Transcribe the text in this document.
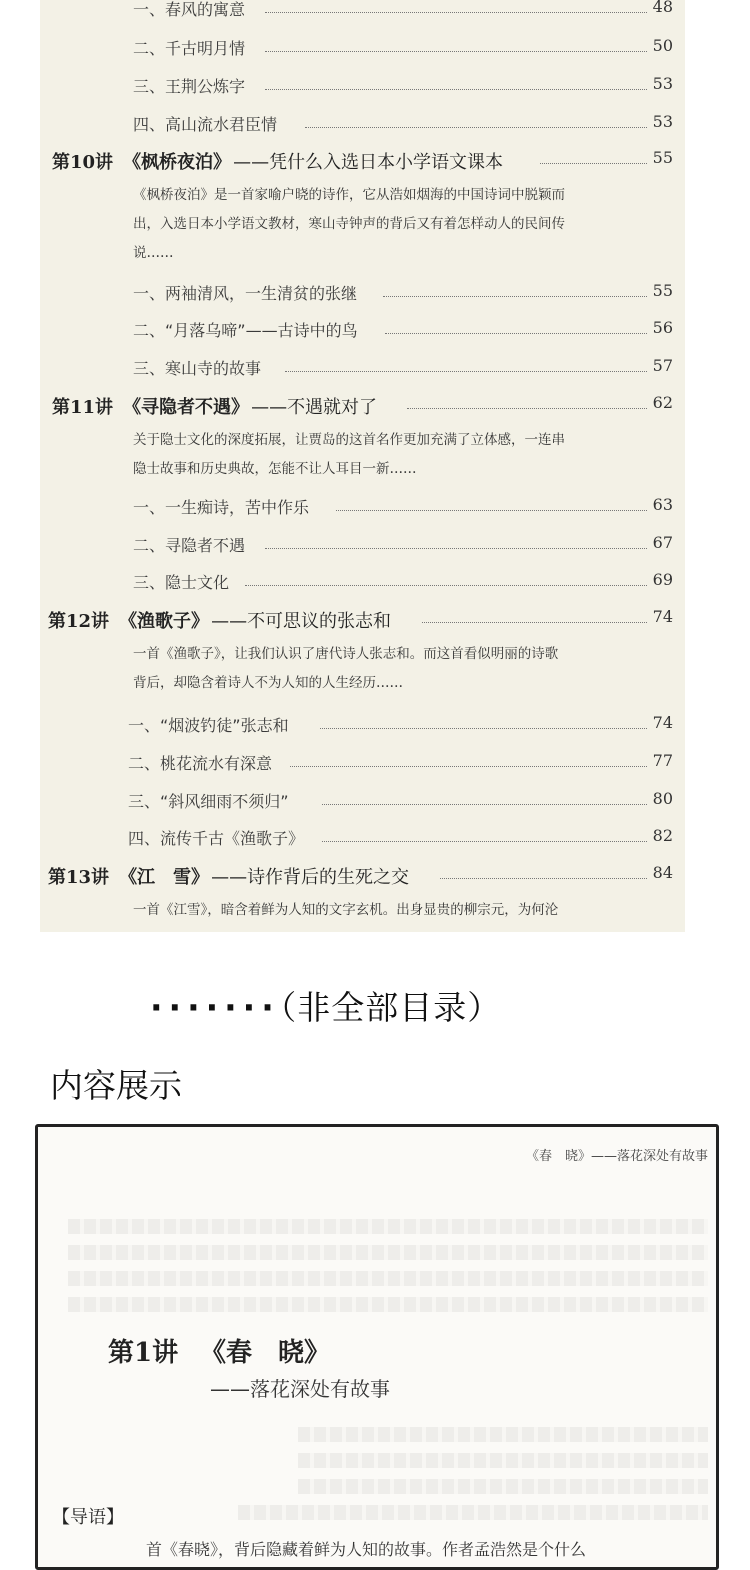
一、春风的寓意	48
二、千古明月情	50
三、王荆公炼字	53
四、高山流水君臣情	53
第10讲 《枫桥夜泊》 ——凭什么入选日本小学语文课本	55
《枫桥夜泊》是一首家喻户晓的诗作，它从浩如烟海的中国诗词中脱颖而
出，入选日本小学语文教材，寒山寺钟声的背后又有着怎样动人的民间传
说……
一、两袖清风，一生清贫的张继	55
二、“月落乌啼”——古诗中的鸟	56
三、寒山寺的故事	57
第11讲 《寻隐者不遇》 ——不遇就对了	62
关于隐士文化的深度拓展，让贾岛的这首名作更加充满了立体感，一连串
隐士故事和历史典故，怎能不让人耳目一新……
一、一生痴诗，苦中作乐	63
二、寻隐者不遇	67
三、隐士文化	69
第12讲 《渔歌子》 ——不可思议的张志和	74
一首《渔歌子》，让我们认识了唐代诗人张志和。而这首看似明丽的诗歌
背后，却隐含着诗人不为人知的人生经历……
一、“烟波钓徒”张志和	74
二、桃花流水有深意	77
三、“斜风细雨不须归”	80
四、流传千古《渔歌子》	82
第13讲 《江　雪》 ——诗作背后的生死之交	84
一首《江雪》，暗含着鲜为人知的文字玄机。出身显贵的柳宗元，为何沦
·······（非全部目录）
内容展示
《春　晓》——落花深处有故事
第1讲 《春　晓》
——落花深处有故事
【导语】
首《春晓》，背后隐藏着鲜为人知的故事。作者孟浩然是个什么
